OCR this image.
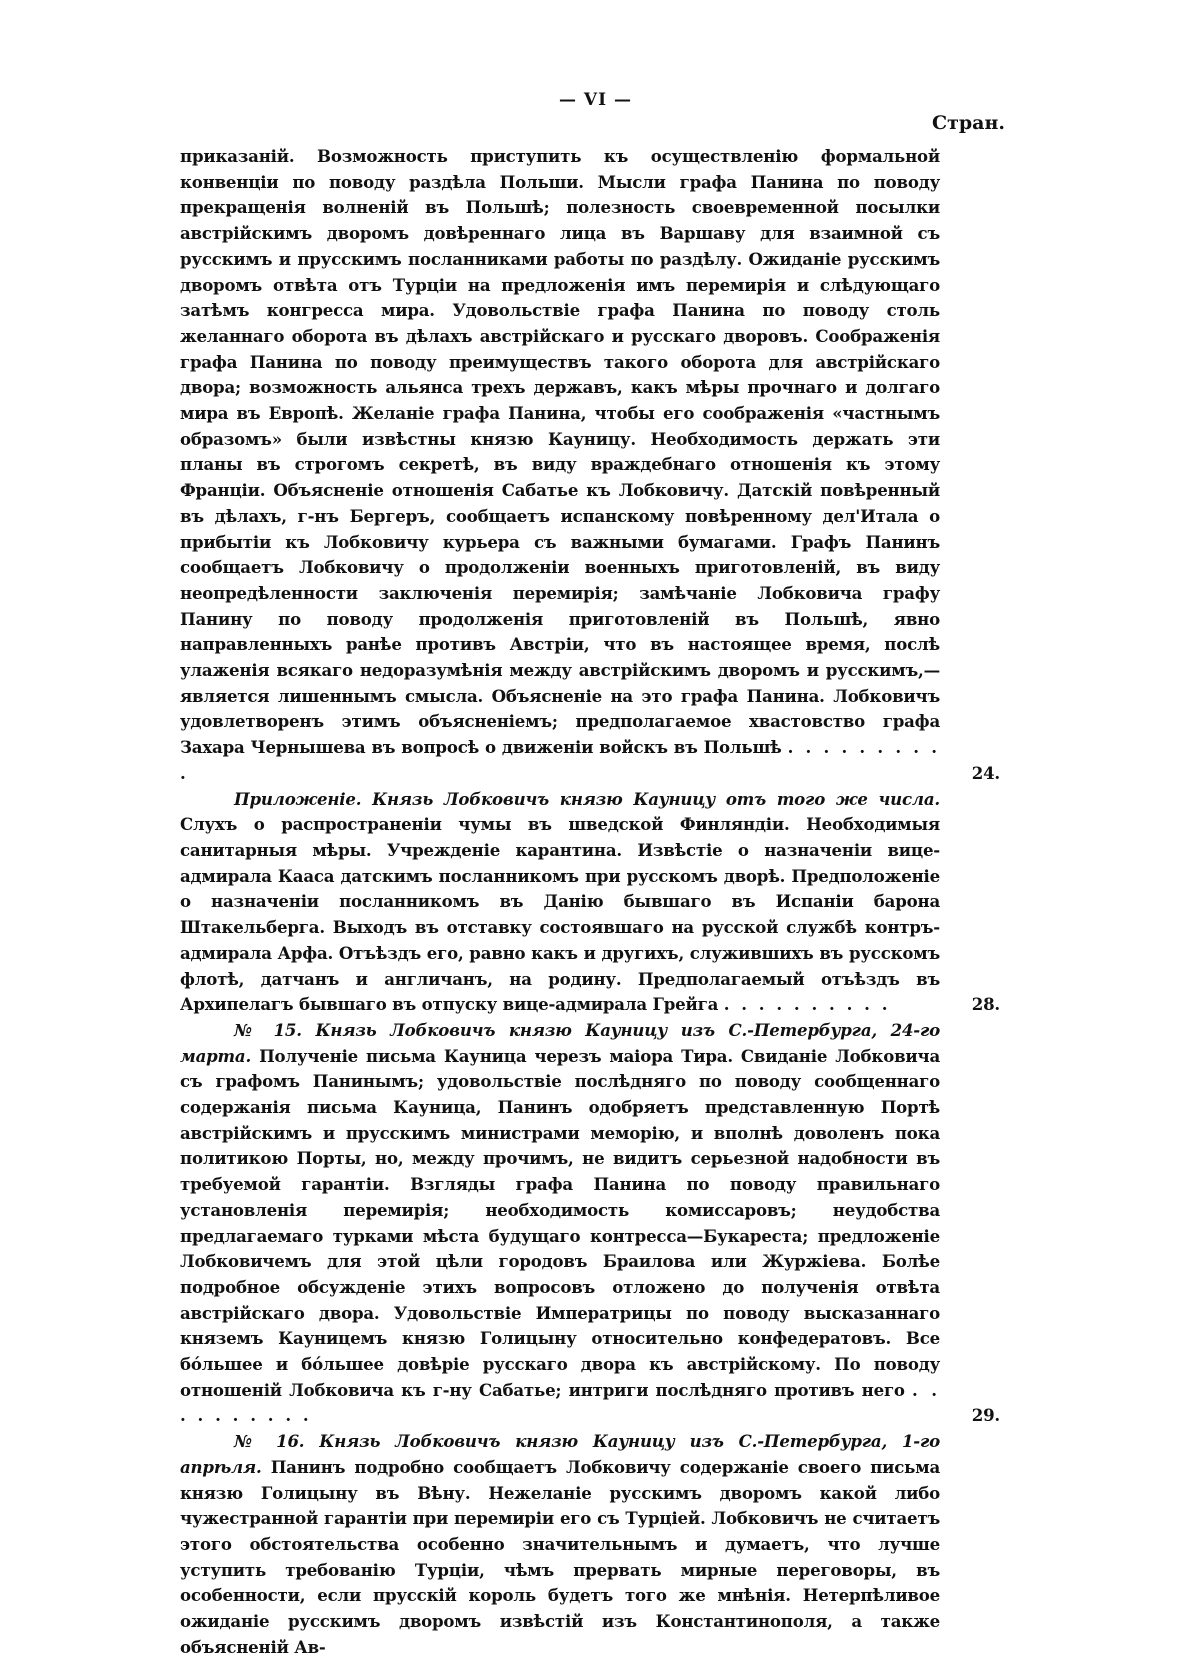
— VI —
Стран.

приказаній. Возможность приступить къ осуществленію формальной конвенціи по поводу раздѣла Польши. Мысли графа Панина по поводу прекращенія волненій въ Польшѣ; полезность своевременной посылки австрійскимъ дворомъ довѣреннаго лица въ Варшаву для взаимной съ русскимъ и прусскимъ посланниками работы по раздѣлу. Ожиданіе русскимъ дворомъ отвѣта отъ Турціи на предложенія имъ перемирія и слѣдующаго затѣмъ конгресса мира. Удовольствіе графа Панина по поводу столь желаннаго оборота въ дѣлахъ австрійскаго и русскаго дворовъ. Соображенія графа Панина по поводу преимуществъ такого оборота для австрійскаго двора; возможность альянса трехъ державъ, какъ мѣры прочнаго и долгаго мира въ Европѣ. Желаніе графа Панина, чтобы его соображенія «частнымъ образомъ» были извѣстны князю Кауницу. Необходимость держать эти планы въ строгомъ секретѣ, въ виду враждебнаго отношенія къ этому Франціи. Объясненіе отношенія Сабатье къ Лобковичу. Датскій повѣренный въ дѣлахъ, г-нъ Бергеръ, сообщаетъ испанскому повѣренному дел'Итала о прибытіи къ Лобковичу курьера съ важными бумагами. Графъ Панинъ сообщаетъ Лобковичу о продолженіи военныхъ приготовленій, въ виду неопредѣленности заключенія перемирія; замѣчаніе Лобковича графу Панину по поводу продолженія приготовленій въ Польшѣ, явно направленныхъ ранѣе противъ Австріи, что въ настоящее время, послѣ улаженія всякаго недоразумѣнія между австрійскимъ дворомъ и русскимъ,—является лишеннымъ смысла. Объясненіе на это графа Панина. Лобковичъ удовлетворенъ этимъ объясненіемъ; предполагаемое хвастовство графа Захара Чернышева въ вопросѣ о движеніи войскъ въ Польшѣ . . . . . . . . . .	24.

Приложеніе. Князь Лобковичъ князю Кауницу отъ того же числа. Слухъ о распространеніи чумы въ шведской Финляндіи. Необходимыя санитарныя мѣры. Учрежденіе карантина. Извѣстіе о назначеніи вице-адмирала Кааса датскимъ посланникомъ при русскомъ дворѣ. Предположеніе о назначеніи посланникомъ въ Данію бывшаго въ Испаніи барона Штакельберга. Выходъ въ отставку состоявшаго на русской службѣ контръ-адмирала Арфа. Отъѣздъ его, равно какъ и другихъ, служившихъ въ русскомъ флотѣ, датчанъ и англичанъ, на родину. Предполагаемый отъѣздъ въ Архипелагъ бывшаго въ отпуску вице-адмирала Грейга . . . . . . . . . .	28.

№ 15. Князь Лобковичъ князю Кауницу изъ С.-Петербурга, 24-го марта. Полученіе письма Кауница черезъ маіора Тира. Свиданіе Лобковича съ графомъ Панинымъ; удовольствіе послѣдняго по поводу сообщеннаго содержанія письма Кауница, Панинъ одобряетъ представленную Портѣ австрійскимъ и прусскимъ министрами меморію, и вполнѣ доволенъ пока политикою Порты, но, между прочимъ, не видитъ серьезной надобности въ требуемой гарантіи. Взгляды графа Панина по поводу правильнаго установленія перемирія; необходимость комиссаровъ; неудобства предлагаемаго турками мѣста будущаго контресса—Букареста; предложеніе Лобковичемъ для этой цѣли городовъ Браилова или Журжіева. Болѣе подробное обсужденіе этихъ вопросовъ отложено до полученія отвѣта австрійскаго двора. Удовольствіе Императрицы по поводу высказаннаго княземъ Кауницемъ князю Голицыну относительно конфедератовъ. Все бóльшее и бóльшее довѣріе русскаго двора къ австрійскому. По поводу отношеній Лобковича къ г-ну Сабатье; интриги послѣдняго противъ него . . . . . . . . . .	29.

№ 16. Князь Лобковичъ князю Кауницу изъ С.-Петербурга, 1-го апрѣля. Панинъ подробно сообщаетъ Лобковичу содержаніе своего письма князю Голицыну въ Вѣну. Нежеланіе русскимъ дворомъ какой либо чужестранной гарантіи при перемиріи его съ Турціей. Лобковичъ не считаетъ этого обстоятельства особенно значительнымъ и думаетъ, что лучше уступить требованію Турціи, чѣмъ прервать мирные переговоры, въ особенности, если прусскій король будетъ того же мнѣнія. Нетерпѣливое ожиданіе русскимъ дворомъ извѣстій изъ Константинополя, а также объясненій Ав-
